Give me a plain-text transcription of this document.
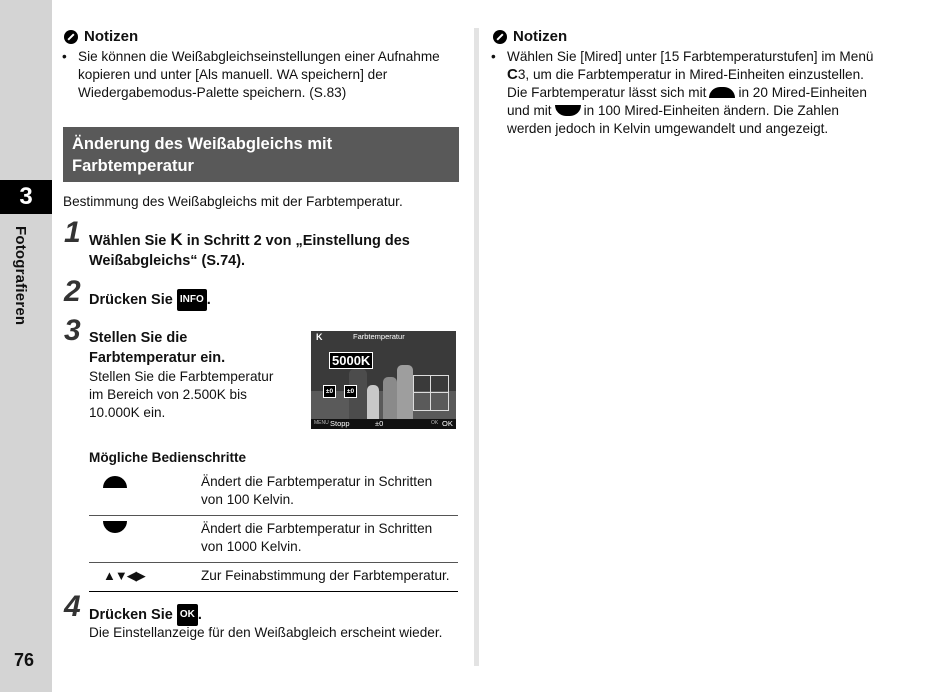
3
Fotografieren
76
Notizen
• Sie können die Weißabgleichseinstellungen einer Aufnahme
kopieren und unter [Als manuell. WA speichern] der
Wiedergabemodus-Palette speichern. (S.83)
Änderung des Weißabgleichs mit Farbtemperatur
Bestimmung des Weißabgleichs mit der Farbtemperatur.
1 Wählen Sie K in Schritt 2 von „Einstellung des
Weißabgleichs“ (S.74).
2 Drücken Sie INFO .
3 Stellen Sie die
Farbtemperatur ein.
Stellen Sie die Farbtemperatur
im Bereich von 2.500K bis
10.000K ein.
K	Farbtemperatur
5000K
±0	±0
MENU Stopp	±0	OK OK
Mögliche Bedienschritte

	Ändert die Farbtemperatur in Schritten
von 100 Kelvin.

	Ändert die Farbtemperatur in Schritten
von 1000 Kelvin.

▲▼◀▶	Zur Feinabstimmung der Farbtemperatur.
4 Drücken Sie OK .
Die Einstellanzeige für den Weißabgleich erscheint wieder.
Notizen
• Wählen Sie [Mired] unter [15 Farbtemperaturstufen] im Menü
C3, um die Farbtemperatur in Mired-Einheiten einzustellen.
Die Farbtemperatur lässt sich mit in 20 Mired-Einheiten
und mit in 100 Mired-Einheiten ändern. Die Zahlen
werden jedoch in Kelvin umgewandelt und angezeigt.
